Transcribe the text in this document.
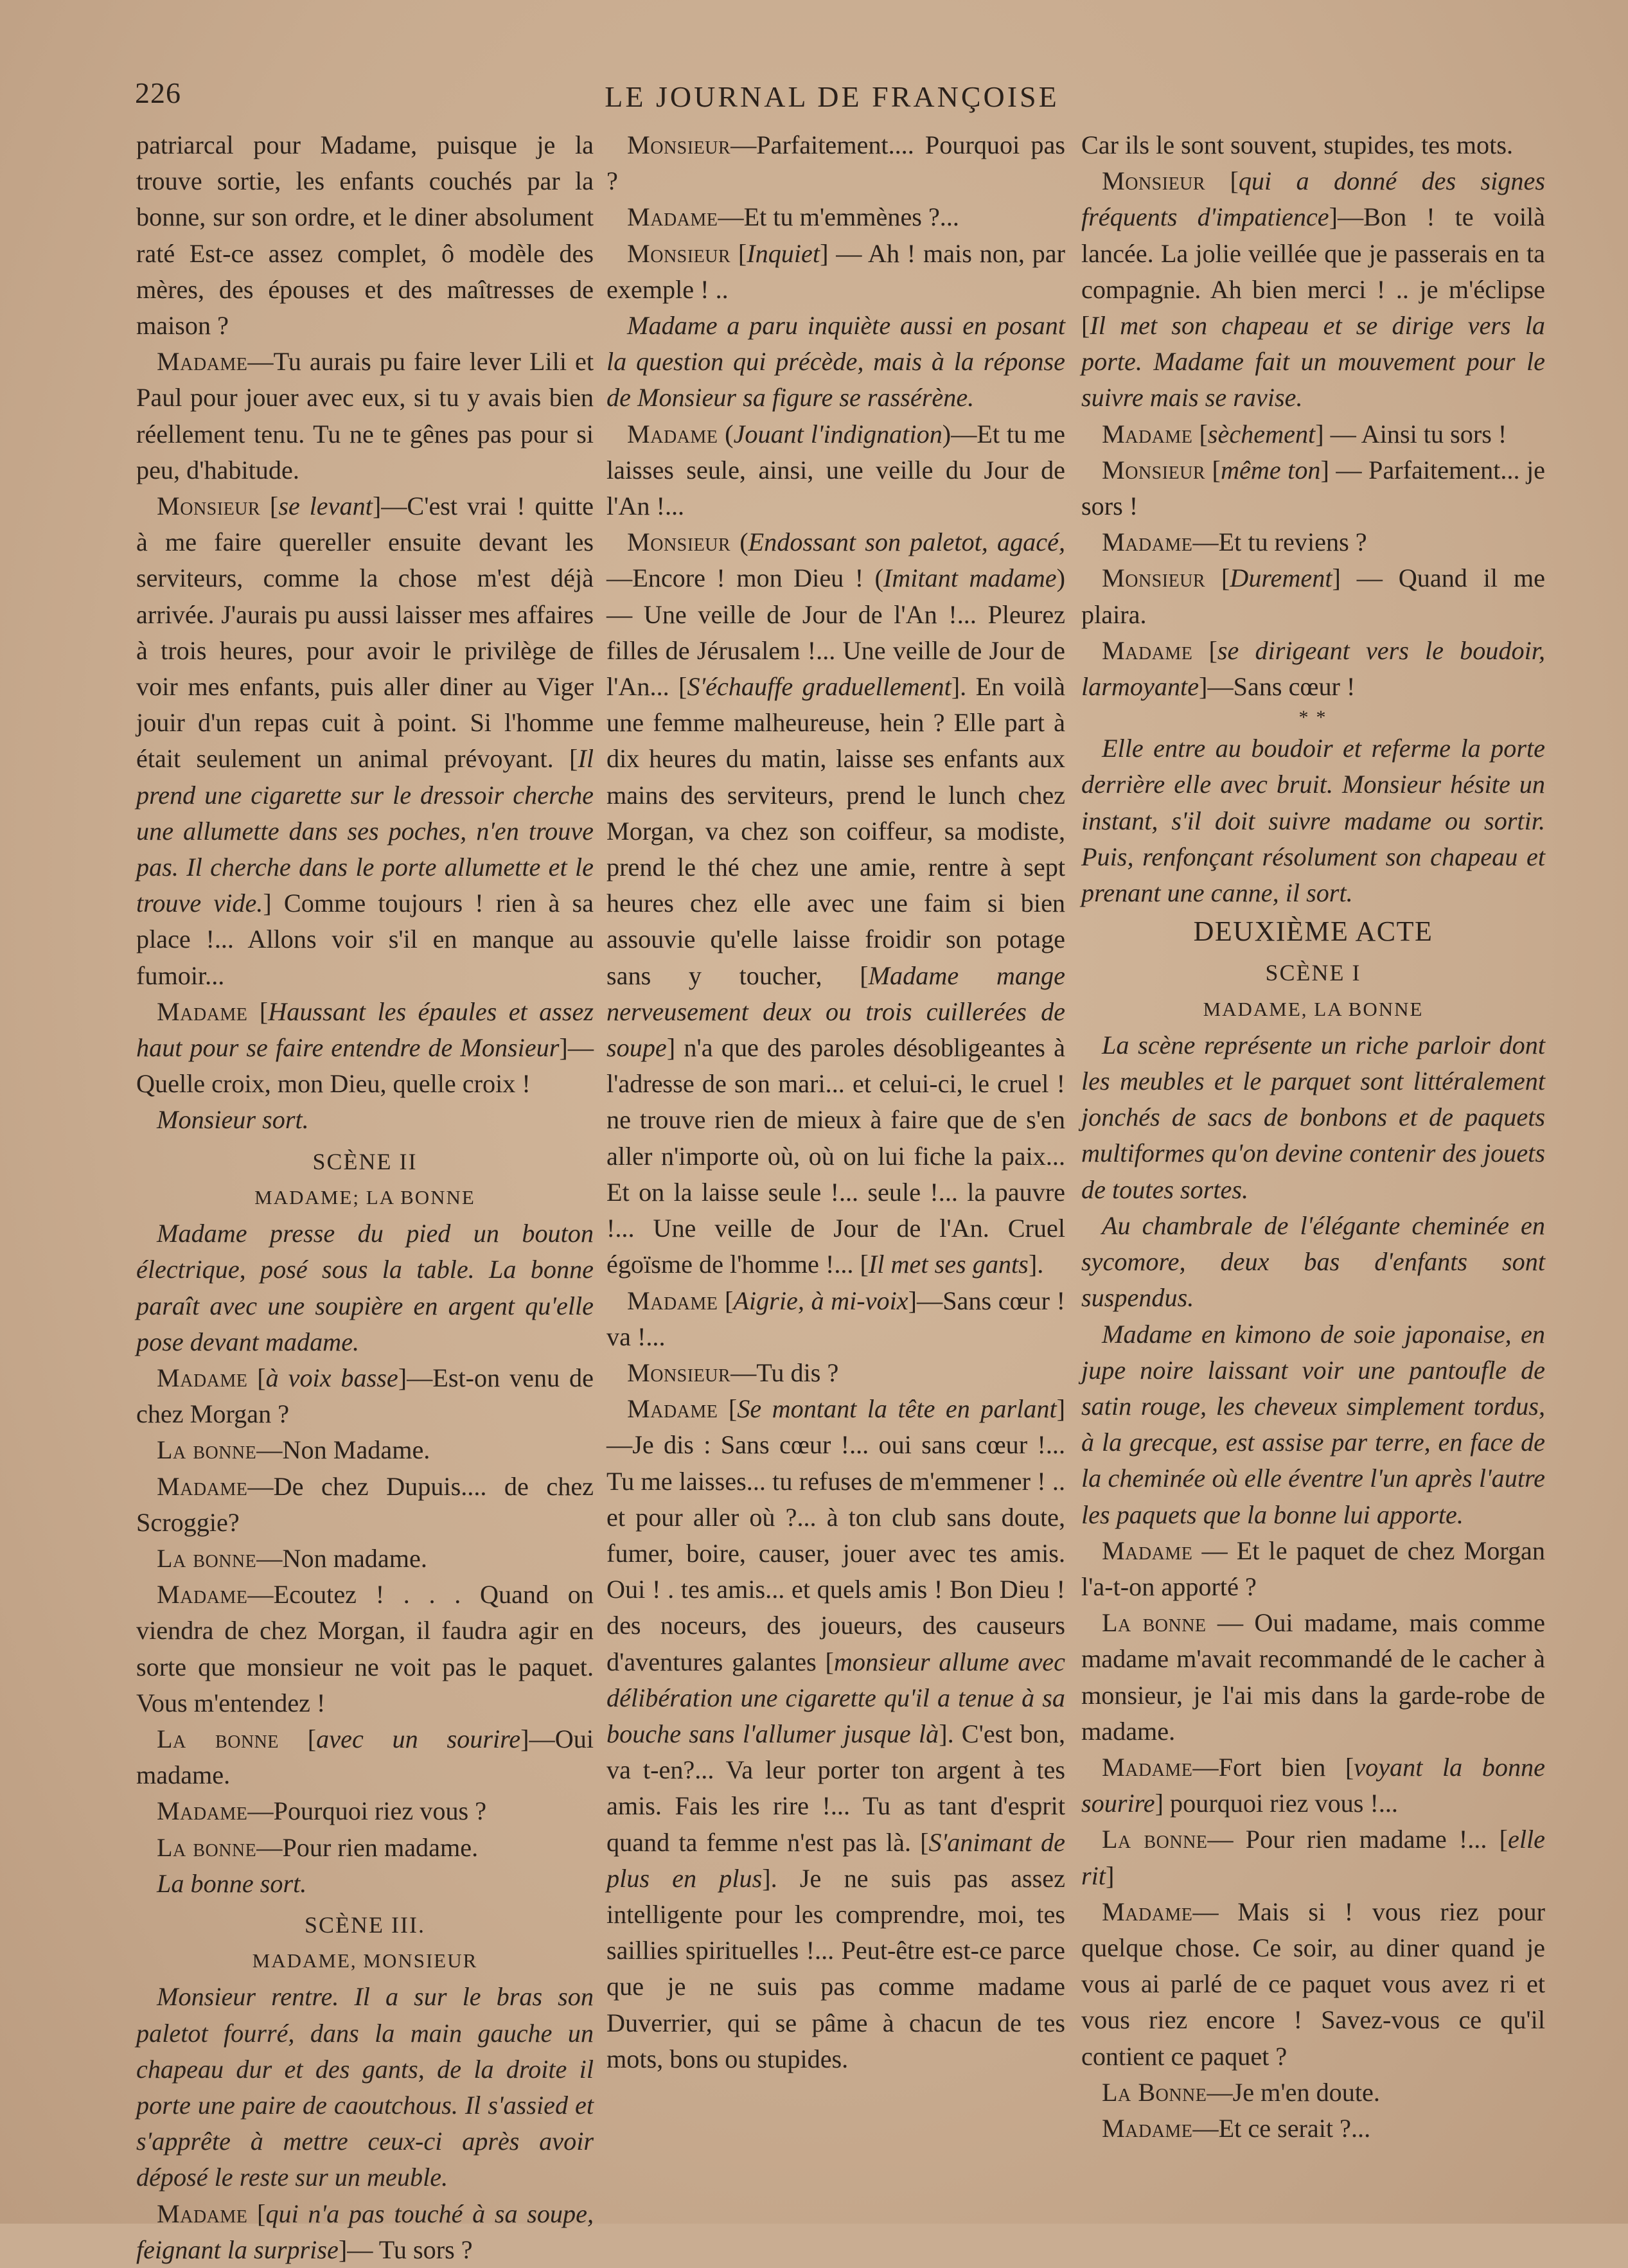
226	LE JOURNAL DE FRANÇOISE

patriarcal pour Madame, puisque je la trouve sortie, les enfants couchés par la bonne, sur son ordre, et le diner absolument raté Est-ce assez complet, ô modèle des mères, des épouses et des maîtresses de maison ?

Madame—Tu aurais pu faire lever Lili et Paul pour jouer avec eux, si tu y avais bien réellement tenu. Tu ne te gênes pas pour si peu, d'habitude.

Monsieur [se levant]—C'est vrai ! quitte à me faire quereller ensuite devant les serviteurs, comme la chose m'est déjà arrivée. J'aurais pu aussi laisser mes affaires à trois heures, pour avoir le privilège de voir mes enfants, puis aller diner au Viger jouir d'un repas cuit à point. Si l'homme était seulement un animal prévoyant. [Il prend une cigarette sur le dressoir cherche une allumette dans ses poches, n'en trouve pas. Il cherche dans le porte allumette et le trouve vide.] Comme toujours ! rien à sa place !... Allons voir s'il en manque au fumoir...

Madame [Haussant les épaules et assez haut pour se faire entendre de Monsieur]—Quelle croix, mon Dieu, quelle croix !

Monsieur sort.

SCÈNE II

MADAME; LA BONNE

Madame presse du pied un bouton électrique, posé sous la table. La bonne paraît avec une soupière en argent qu'elle pose devant madame.

Madame [à voix basse]—Est-on venu de chez Morgan ?

La bonne—Non Madame.

Madame—De chez Dupuis.... de chez Scroggie?

La bonne—Non madame.

Madame—Ecoutez ! . . . Quand on viendra de chez Morgan, il faudra agir en sorte que monsieur ne voit pas le paquet. Vous m'entendez !

La bonne [avec un sourire]—Oui madame.

Madame—Pourquoi riez vous ?

La bonne—Pour rien madame.

La bonne sort.

SCÈNE III.

MADAME, MONSIEUR

Monsieur rentre. Il a sur le bras son paletot fourré, dans la main gauche un chapeau dur et des gants, de la droite il porte une paire de caoutchous. Il s'assied et s'apprête à mettre ceux-ci après avoir déposé le reste sur un meuble.

Madame [qui n'a pas touché à sa soupe, feignant la surprise]— Tu sors ?

Monsieur—Parfaitement.... Pourquoi pas ?

Madame—Et tu m'emmènes ?...

Monsieur [Inquiet] — Ah ! mais non, par exemple ! ..

Madame a paru inquiète aussi en posant la question qui précède, mais à la réponse de Monsieur sa figure se rassérène.

Madame (Jouant l'indignation)—Et tu me laisses seule, ainsi, une veille du Jour de l'An !...

Monsieur (Endossant son paletot, agacé,—Encore ! mon Dieu ! (Imitant madame) — Une veille de Jour de l'An !... Pleurez filles de Jérusalem !... Une veille de Jour de l'An... [S'échauffe graduellement]. En voilà une femme malheureuse, hein ? Elle part à dix heures du matin, laisse ses enfants aux mains des serviteurs, prend le lunch chez Morgan, va chez son coiffeur, sa modiste, prend le thé chez une amie, rentre à sept heures chez elle avec une faim si bien assouvie qu'elle laisse froidir son potage sans y toucher, [Madame mange nerveusement deux ou trois cuillerées de soupe] n'a que des paroles désobligeantes à l'adresse de son mari... et celui-ci, le cruel ! ne trouve rien de mieux à faire que de s'en aller n'importe où, où on lui fiche la paix... Et on la laisse seule !... seule !... la pauvre !... Une veille de Jour de l'An. Cruel égoïsme de l'homme !... [Il met ses gants].

Madame [Aigrie, à mi-voix]—Sans cœur ! va !...

Monsieur—Tu dis ?

Madame [Se montant la tête en parlant]—Je dis : Sans cœur !... oui sans cœur !... Tu me laisses... tu refuses de m'emmener ! .. et pour aller où ?... à ton club sans doute, fumer, boire, causer, jouer avec tes amis. Oui ! . tes amis... et quels amis ! Bon Dieu ! des noceurs, des joueurs, des causeurs d'aventures galantes [monsieur allume avec délibération une cigarette qu'il a tenue à sa bouche sans l'allumer jusque là]. C'est bon, va t-en?... Va leur porter ton argent à tes amis. Fais les rire !... Tu as tant d'esprit quand ta femme n'est pas là. [S'animant de plus en plus]. Je ne suis pas assez intelligente pour les comprendre, moi, tes saillies spirituelles !... Peut-être est-ce parce que je ne suis pas comme madame Duverrier, qui se pâme à chacun de tes mots, bons ou stupides.

Car ils le sont souvent, stupides, tes mots.

Monsieur [qui a donné des signes fréquents d'impatience]—Bon ! te voilà lancée. La jolie veillée que je passerais en ta compagnie. Ah bien merci ! .. je m'éclipse [Il met son chapeau et se dirige vers la porte. Madame fait un mouvement pour le suivre mais se ravise.

Madame [sèchement] — Ainsi tu sors !

Monsieur [même ton] — Parfaitement... je sors !

Madame—Et tu reviens ?

Monsieur [Durement] — Quand il me plaira.

Madame [se dirigeant vers le boudoir, larmoyante]—Sans cœur !

* *

Elle entre au boudoir et referme la porte derrière elle avec bruit. Monsieur hésite un instant, s'il doit suivre madame ou sortir. Puis, renfonçant résolument son chapeau et prenant une canne, il sort.

DEUXIÈME ACTE

SCÈNE I

MADAME, LA BONNE

La scène représente un riche parloir dont les meubles et le parquet sont littéralement jonchés de sacs de bonbons et de paquets multiformes qu'on devine contenir des jouets de toutes sortes.

Au chambrale de l'élégante cheminée en sycomore, deux bas d'enfants sont suspendus.

Madame en kimono de soie japonaise, en jupe noire laissant voir une pantoufle de satin rouge, les cheveux simplement tordus, à la grecque, est assise par terre, en face de la cheminée où elle éventre l'un après l'autre les paquets que la bonne lui apporte.

Madame — Et le paquet de chez Morgan l'a-t-on apporté ?

La bonne — Oui madame, mais comme madame m'avait recommandé de le cacher à monsieur, je l'ai mis dans la garde-robe de madame.

Madame—Fort bien [voyant la bonne sourire] pourquoi riez vous !...

La bonne— Pour rien madame !... [elle rit]

Madame— Mais si ! vous riez pour quelque chose. Ce soir, au diner quand je vous ai parlé de ce paquet vous avez ri et vous riez encore ! Savez-vous ce qu'il contient ce paquet ?

La Bonne—Je m'en doute.

Madame—Et ce serait ?...
